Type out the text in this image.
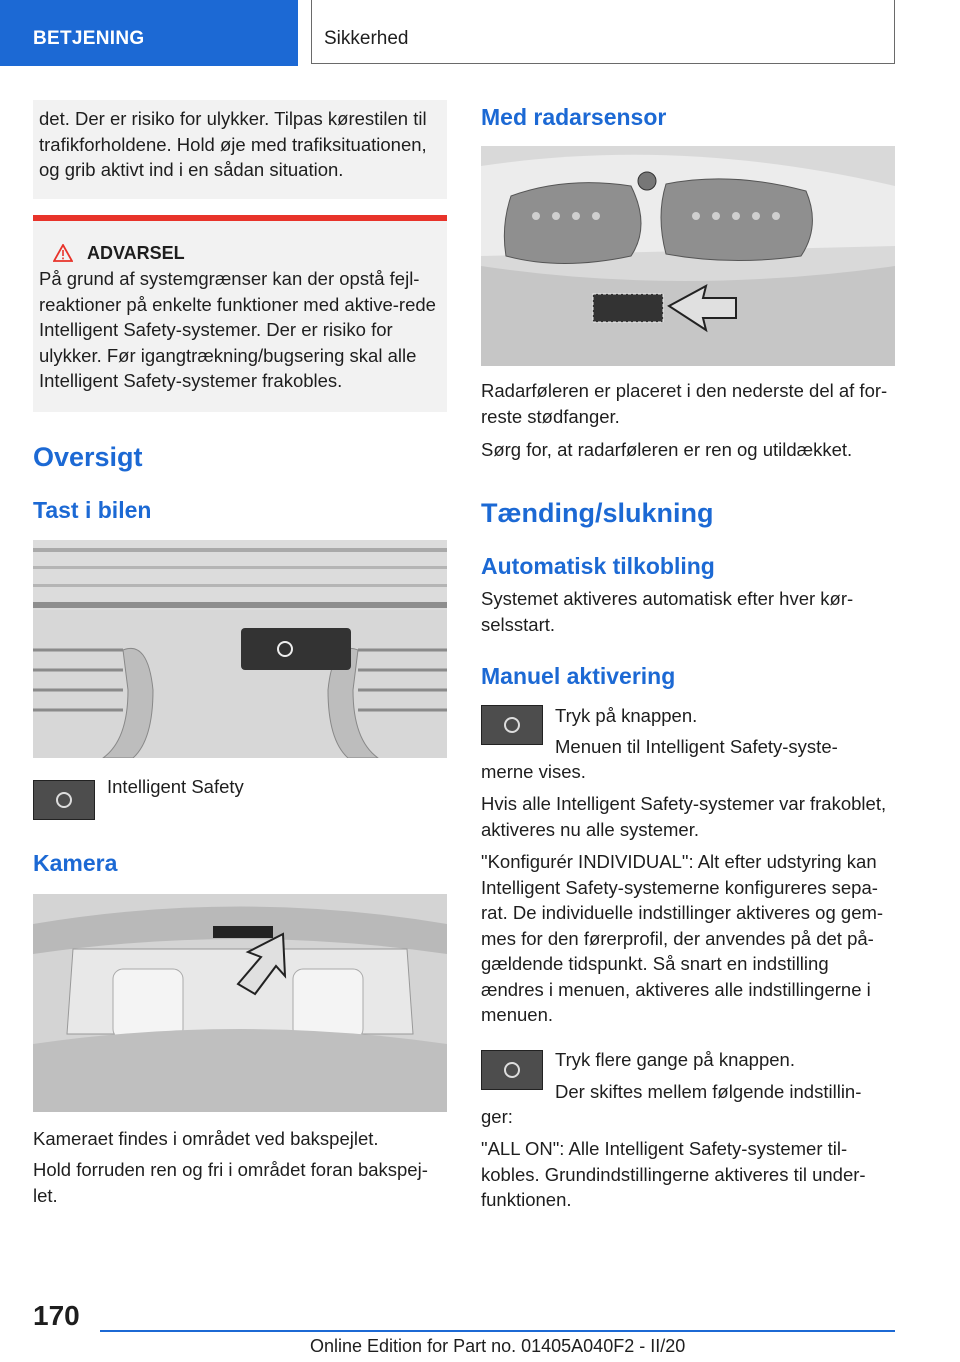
BETJENING	Sikkerhed

det. Der er risiko for ulykker. Tilpas kørestilen til trafikforholdene. Hold øje med trafiksituationen, og grib aktivt ind i en sådan situation.

ADVARSEL

På grund af systemgrænser kan der opstå fejl-reaktioner på enkelte funktioner med aktive-rede Intelligent Safety-systemer. Der er risiko for ulykker. Før igangtrækning/bugsering skal alle Intelligent Safety-systemer frakobles.

Oversigt
Tast i bilen
Intelligent Safety
Kamera

Kameraet findes i området ved bakspejlet.

Hold forruden ren og fri i området foran bakspej-let.

Med radarsensor

Radarføleren er placeret i den nederste del af for-reste stødfanger.

Sørg for, at radarføleren er ren og utildækket.

Tænding/slukning
Automatisk tilkobling

Systemet aktiveres automatisk efter hver kør-selsstart.

Manuel aktivering

Tryk på knappen.

Menuen til Intelligent Safety-syste-

merne vises.

Hvis alle Intelligent Safety-systemer var frakoblet, aktiveres nu alle systemer.

"Konfigurér INDIVIDUAL": Alt efter udstyring kan Intelligent Safety-systemerne konfigureres sepa-rat. De individuelle indstillinger aktiveres og gem-mes for den førerprofil, der anvendes på det på-gældende tidspunkt. Så snart en indstilling ændres i menuen, aktiveres alle indstillingerne i menuen.

Tryk flere gange på knappen.

Der skiftes mellem følgende indstillin-

ger:

"ALL ON": Alle Intelligent Safety-systemer til-kobles. Grundindstillingerne aktiveres til under-funktionen.

170
Online Edition for Part no. 01405A040F2 - II/20
